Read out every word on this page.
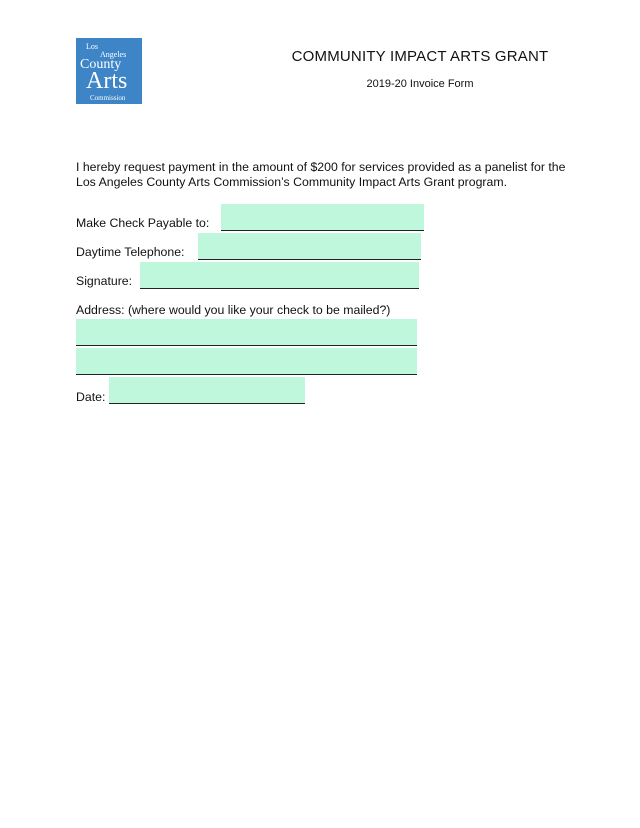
Los
Angeles
County
Arts
Commission
COMMUNITY IMPACT ARTS GRANT
2019-20 Invoice Form
I hereby request payment in the amount of $200 for services provided as a panelist for the Los Angeles County Arts Commission’s Community Impact Arts Grant program.
Make Check Payable to:
Daytime Telephone:
Signature:
Address: (where would you like your check to be mailed?)
Date:
